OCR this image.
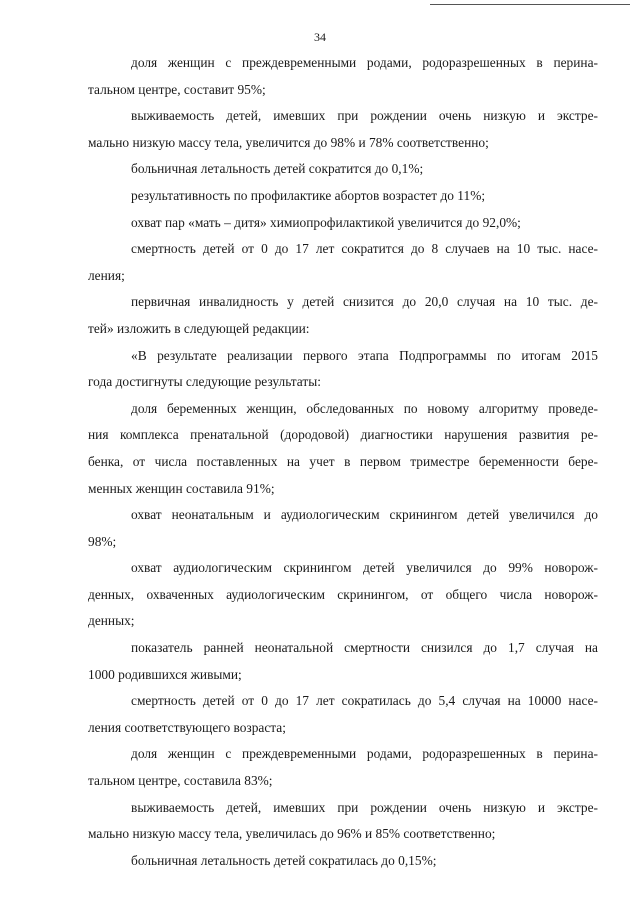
34
доля женщин с преждевременными родами, родоразрешенных в перина-
тальном центре, составит 95%;
выживаемость детей, имевших при рождении очень низкую и экстре-
мально низкую массу тела, увеличится до 98% и 78% соответственно;
больничная летальность детей сократится до 0,1%;
результативность по профилактике абортов возрастет до 11%;
охват пар «мать – дитя» химиопрофилактикой увеличится до 92,0%;
смертность детей от 0 до 17 лет сократится до 8 случаев на 10 тыс. насе-
ления;
первичная инвалидность у детей снизится до 20,0 случая на 10 тыс. де-
тей» изложить в следующей редакции:
«В результате реализации первого этапа Подпрограммы по итогам 2015
года достигнуты следующие результаты:
доля беременных женщин, обследованных по новому алгоритму проведе-
ния комплекса пренатальной (дородовой) диагностики нарушения развития ре-
бенка, от числа поставленных на учет в первом триместре беременности бере-
менных женщин составила 91%;
охват неонатальным и аудиологическим скринингом детей увеличился до
98%;
охват аудиологическим скринингом детей увеличился до 99% новорож-
денных, охваченных аудиологическим скринингом, от общего числа новорож-
денных;
показатель ранней неонатальной смертности снизился до 1,7 случая на
1000 родившихся живыми;
смертность детей от 0 до 17 лет сократилась до 5,4 случая на 10000 насе-
ления соответствующего возраста;
доля женщин с преждевременными родами, родоразрешенных в перина-
тальном центре, составила 83%;
выживаемость детей, имевших при рождении очень низкую и экстре-
мально низкую массу тела, увеличилась до 96% и 85% соответственно;
больничная летальность детей сократилась до 0,15%;
